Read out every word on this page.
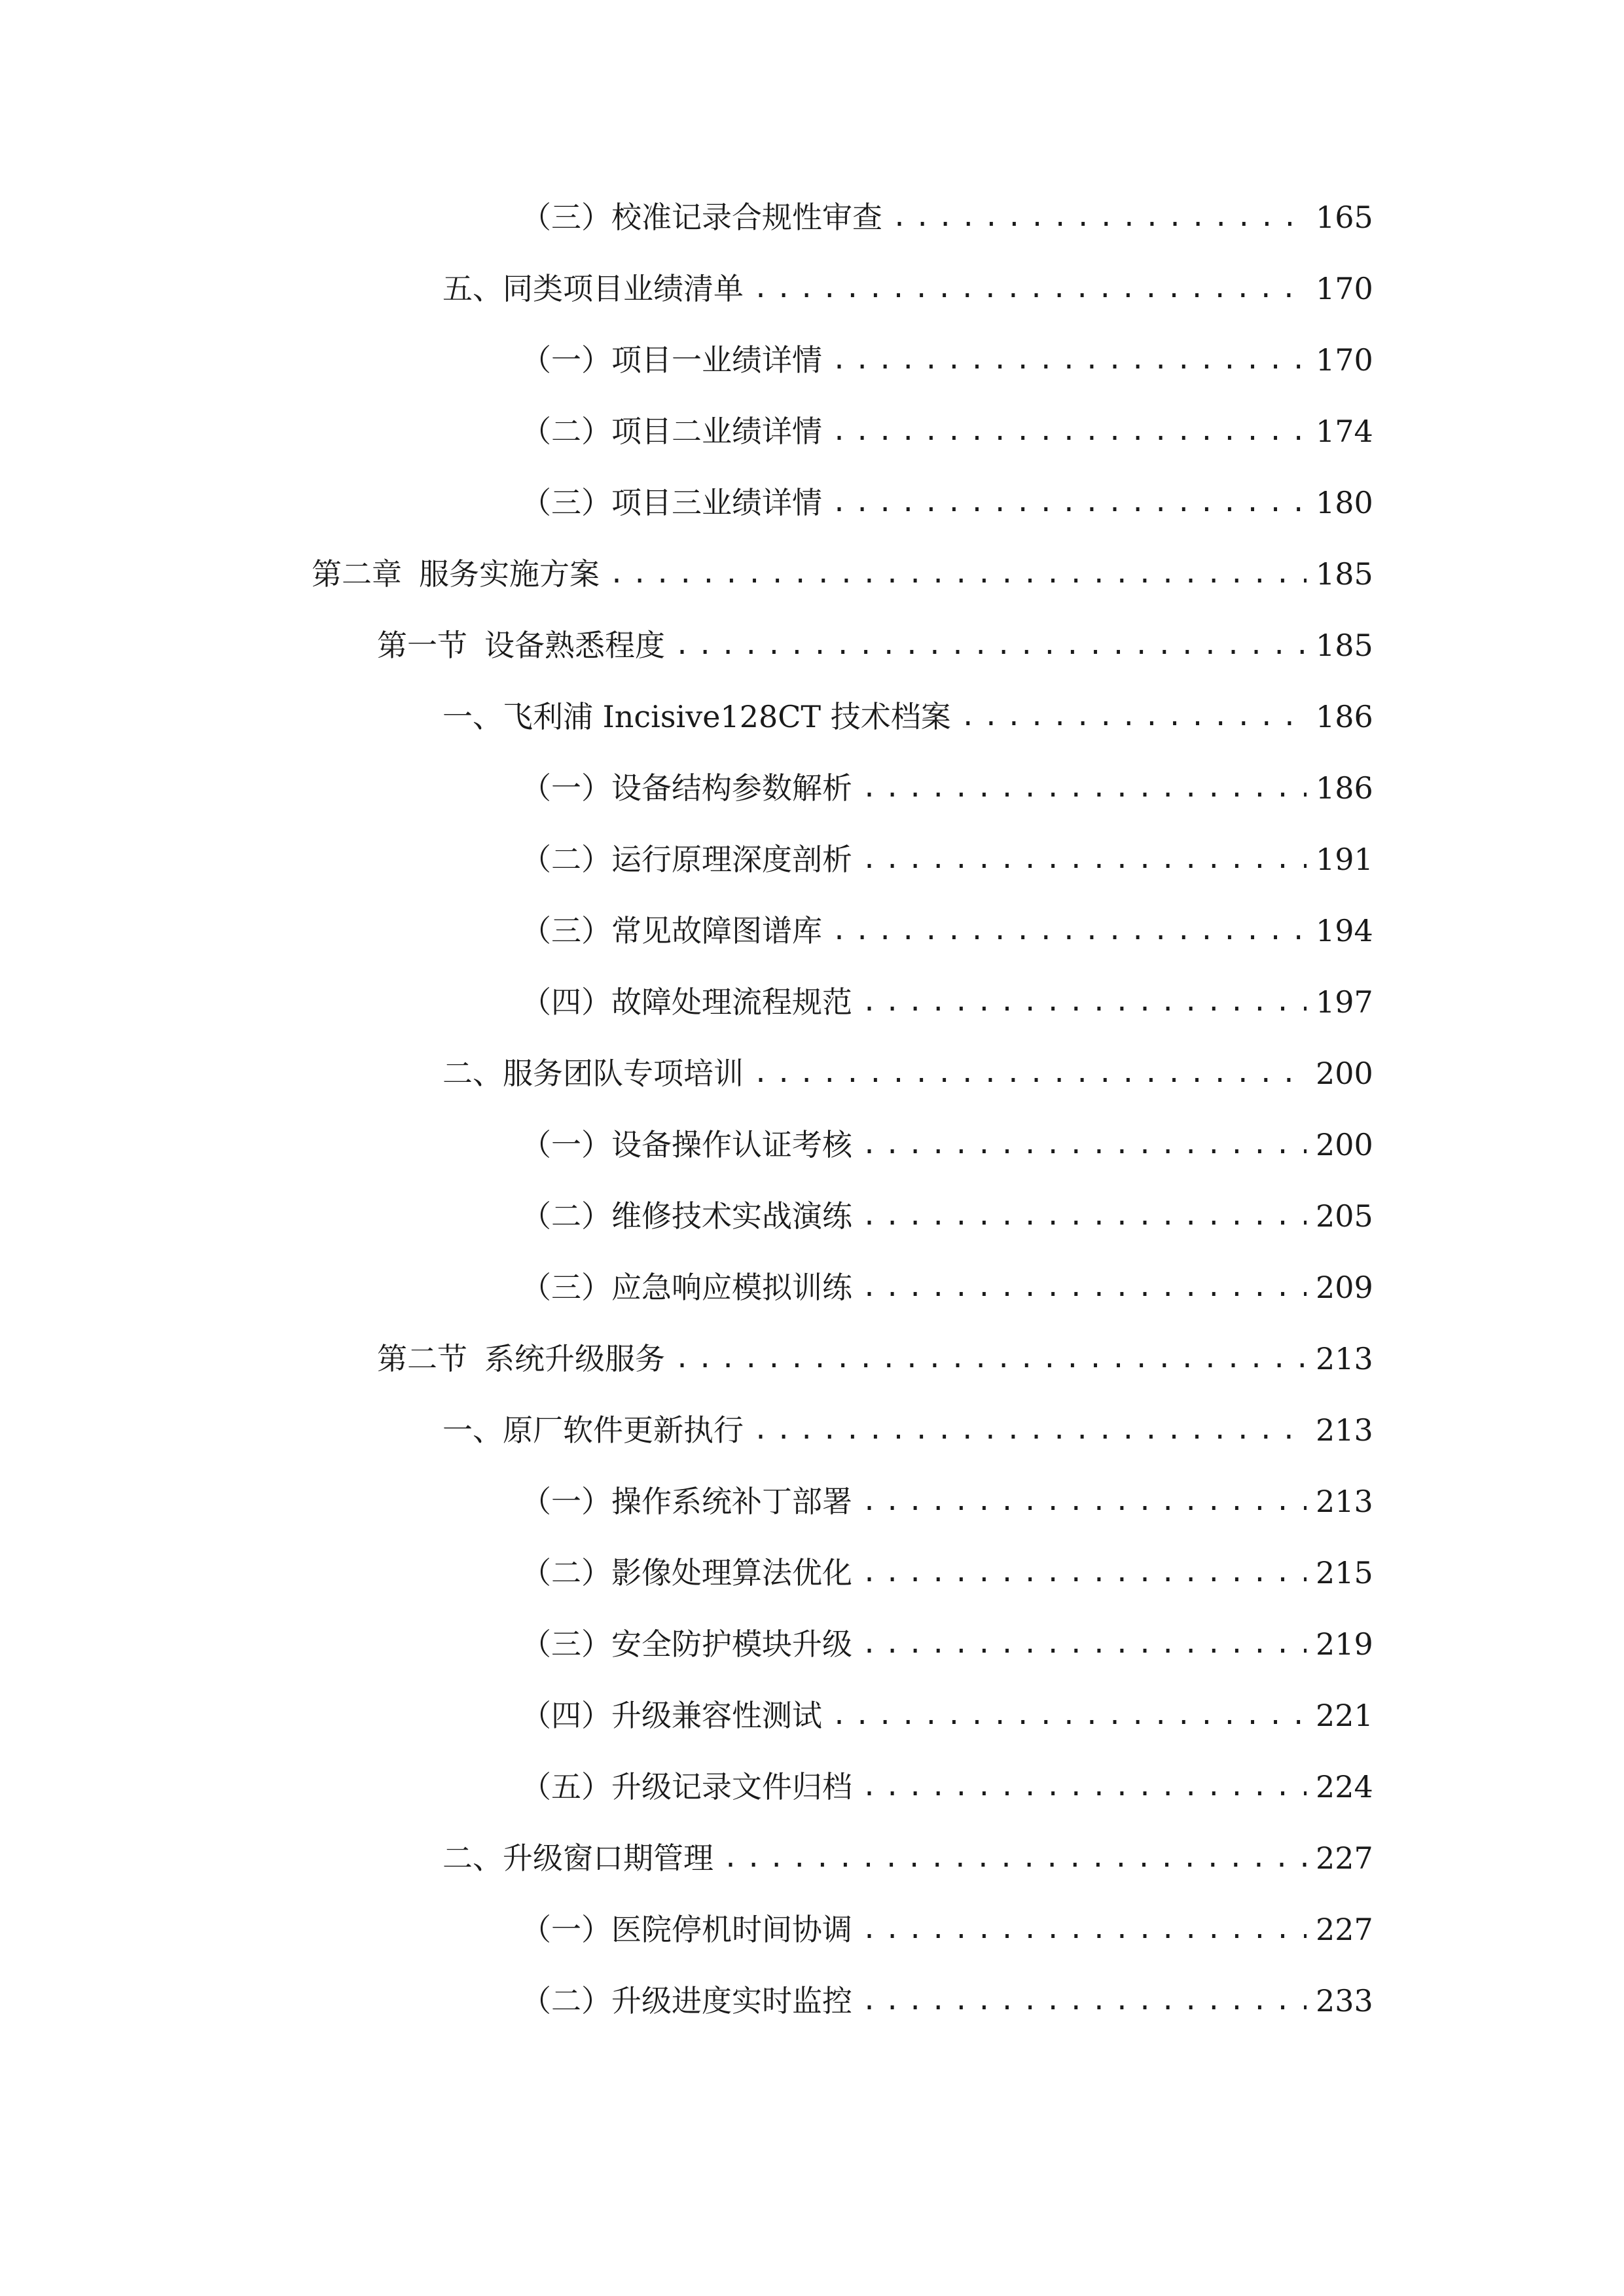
（三） 校准记录合规性审查 .....	165
五、 同类项目业绩清单 .....	170
（一） 项目一业绩详情 .....	170
（二） 项目二业绩详情 .....	174
（三） 项目三业绩详情 .....	180
第二章 服务实施方案 .....	185
第一节 设备熟悉程度 .....	185
一、 飞利浦 Incisive128CT 技术档案 .....	186
（一） 设备结构参数解析 .....	186
（二） 运行原理深度剖析 .....	191
（三） 常见故障图谱库 .....	194
（四） 故障处理流程规范 .....	197
二、 服务团队专项培训 .....	200
（一） 设备操作认证考核 .....	200
（二） 维修技术实战演练 .....	205
（三） 应急响应模拟训练 .....	209
第二节 系统升级服务 .....	213
一、 原厂软件更新执行 .....	213
（一） 操作系统补丁部署 .....	213
（二） 影像处理算法优化 .....	215
（三） 安全防护模块升级 .....	219
（四） 升级兼容性测试 .....	221
（五） 升级记录文件归档 .....	224
二、 升级窗口期管理 .....	227
（一） 医院停机时间协调 .....	227
（二） 升级进度实时监控 .....	233
